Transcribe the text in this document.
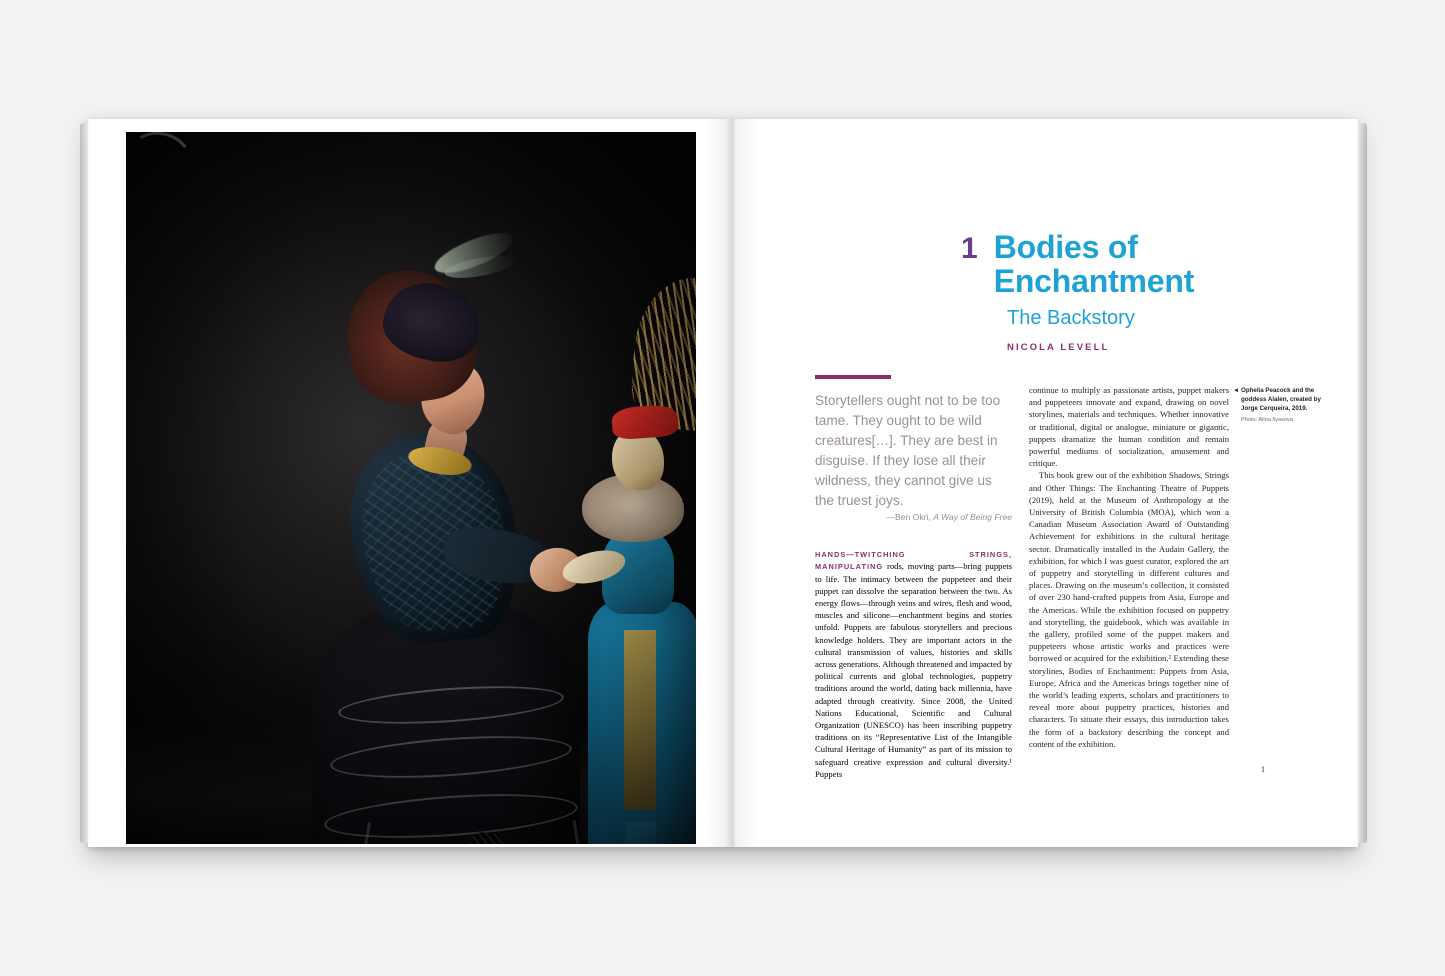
1 Bodies of Enchantment
The Backstory
NICOLA LEVELL
Storytellers ought not to be too tame. They ought to be wild creatures[…]. They are best in disguise. If they lose all their wildness, they cannot give us the truest joys.
—Ben Okri, A Way of Being Free

HANDS—TWITCHING STRINGS, MANIPULATING rods, moving parts—bring puppets to life. The intimacy between the puppeteer and their puppet can dissolve the separation between the two. As energy flows—through veins and wires, flesh and wood, muscles and silicone—enchantment begins and stories unfold. Puppets are fabulous storytellers and precious knowledge holders. They are important actors in the cultural transmission of values, histories and skills across generations. Although threatened and impacted by political currents and global technologies, puppetry traditions around the world, dating back millennia, have adapted through creativity. Since 2008, the United Nations Educational, Scientific and Cultural Organization (UNESCO) has been inscribing puppetry traditions on its “Representative List of the Intangible Cultural Heritage of Humanity” as part of its mission to safeguard creative expression and cultural diversity.¹ Puppets

continue to multiply as passionate artists, puppet makers and puppeteers innovate and expand, drawing on novel storylines, materials and techniques. Whether innovative or traditional, digital or analogue, miniature or gigantic, puppets dramatize the human condition and remain powerful mediums of socialization, amusement and critique.

This book grew out of the exhibition Shadows, Strings and Other Things: The Enchanting Theatre of Puppets (2019), held at the Museum of Anthropology at the University of British Columbia (MOA), which won a Canadian Museum Association Award of Outstanding Achievement for exhibitions in the cultural heritage sector. Dramatically installed in the Audain Gallery, the exhibition, for which I was guest curator, explored the art of puppetry and storytelling in different cultures and places. Drawing on the museum’s collection, it consisted of over 230 hand-crafted puppets from Asia, Europe and the Americas. While the exhibition focused on puppetry and storytelling, the guidebook, which was available in the gallery, profiled some of the puppet makers and puppeteers whose artistic works and practices were borrowed or acquired for the exhibition.² Extending these storylines, Bodies of Enchantment: Puppets from Asia, Europe, Africa and the Americas brings together nine of the world’s leading experts, scholars and practitioners to reveal more about puppetry practices, histories and characters. To situate their essays, this introduction takes the form of a backstory describing the concept and content of the exhibition.

◄ Ophelia Peacock and the goddess Alalen, created by Jorge Cerqueira, 2019.
Photo: Alina Ilyasova
1
